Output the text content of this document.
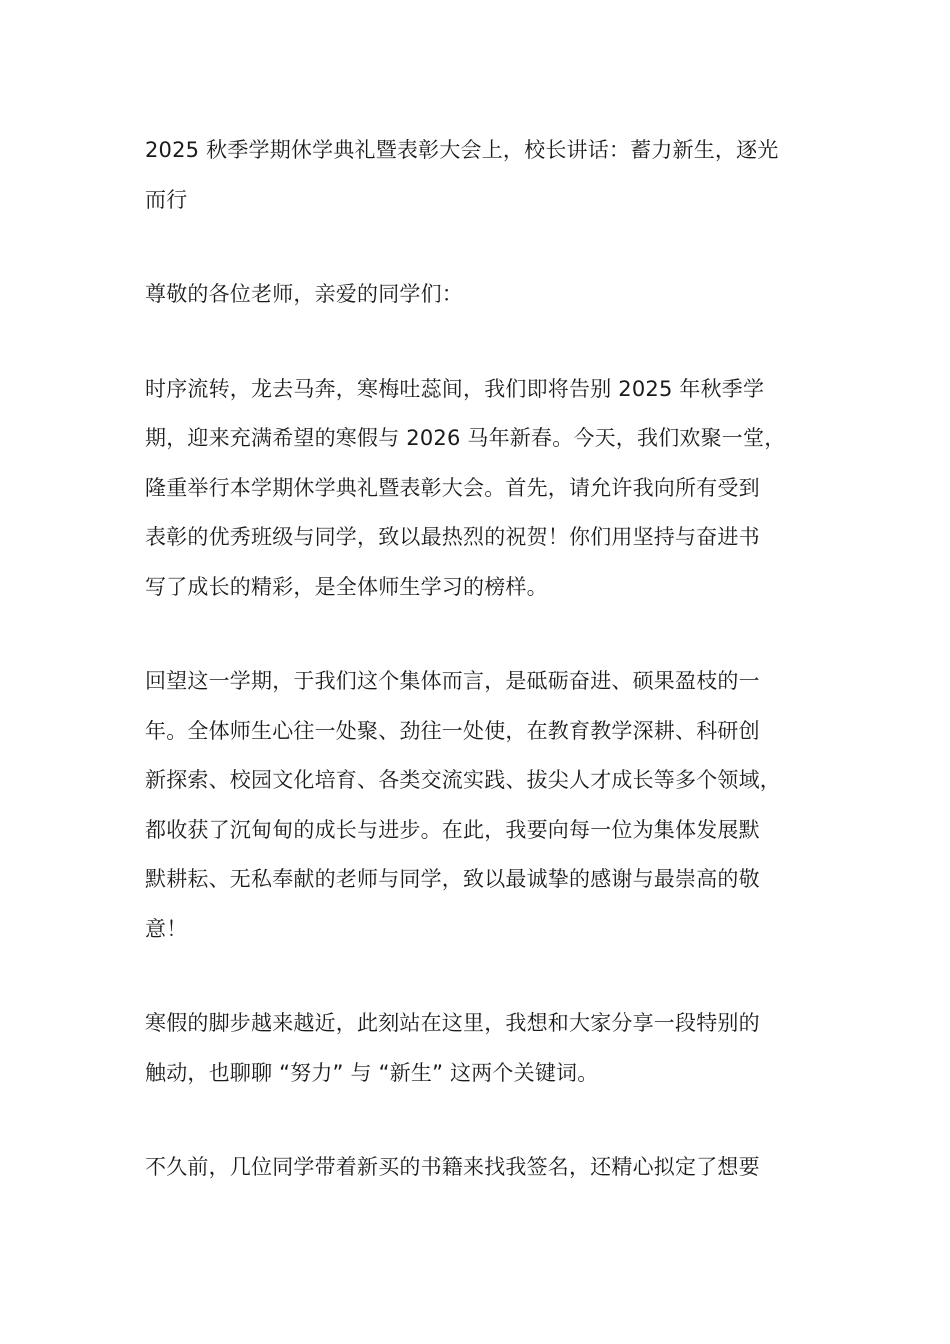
2025 秋季学期休学典礼暨表彰大会上，校长讲话：蓄力新生，逐光
而行

尊敬的各位老师，亲爱的同学们：

时序流转，龙去马奔，寒梅吐蕊间，我们即将告别 2025 年秋季学
期，迎来充满希望的寒假与 2026 马年新春。今天，我们欢聚一堂，
隆重举行本学期休学典礼暨表彰大会。首先，请允许我向所有受到
表彰的优秀班级与同学，致以最热烈的祝贺！你们用坚持与奋进书
写了成长的精彩，是全体师生学习的榜样。

回望这一学期，于我们这个集体而言，是砥砺奋进、硕果盈枝的一
年。全体师生心往一处聚、劲往一处使，在教育教学深耕、科研创
新探索、校园文化培育、各类交流实践、拔尖人才成长等多个领域，
都收获了沉甸甸的成长与进步。在此，我要向每一位为集体发展默
默耕耘、无私奉献的老师与同学，致以最诚挚的感谢与最崇高的敬
意！

寒假的脚步越来越近，此刻站在这里，我想和大家分享一段特别的
触动，也聊聊 “努力” 与 “新生” 这两个关键词。

不久前，几位同学带着新买的书籍来找我签名，还精心拟定了想要
